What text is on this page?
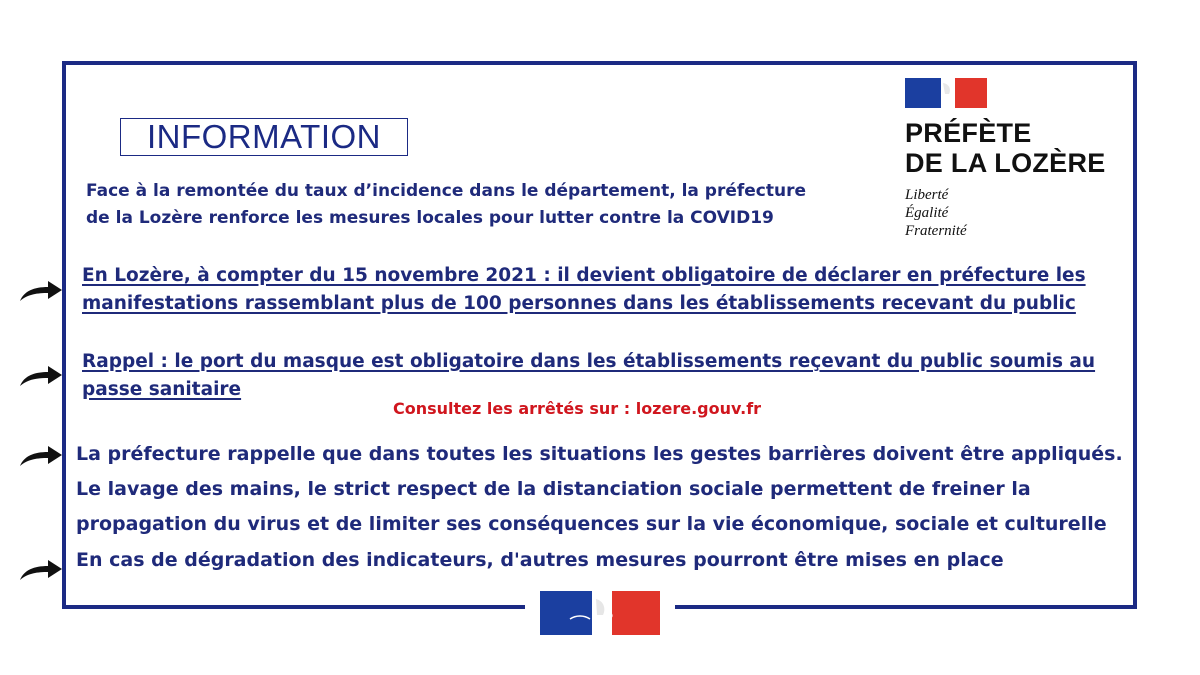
INFORMATION
Face à la remontée du taux d’incidence dans le département, la préfecture
de la Lozère renforce les mesures locales pour lutter contre la COVID19
En Lozère, à compter du 15 novembre 2021 : il devient obligatoire de déclarer en préfecture les
manifestations rassemblant plus de 100 personnes dans les établissements recevant du public
Rappel : le port du masque est obligatoire dans les établissements reçevant du public soumis au
passe sanitaire
Consultez les arrêtés sur : lozere.gouv.fr
La préfecture rappelle que dans toutes les situations les gestes barrières doivent être appliqués.
Le lavage des mains, le strict respect de la distanciation sociale permettent de freiner la
propagation du virus et de limiter ses conséquences sur la vie économique, sociale et culturelle
En cas de dégradation des indicateurs, d'autres mesures pourront être mises en place
PRÉFÈTE
DE LA LOZÈRE
Liberté
Égalité
Fraternité
